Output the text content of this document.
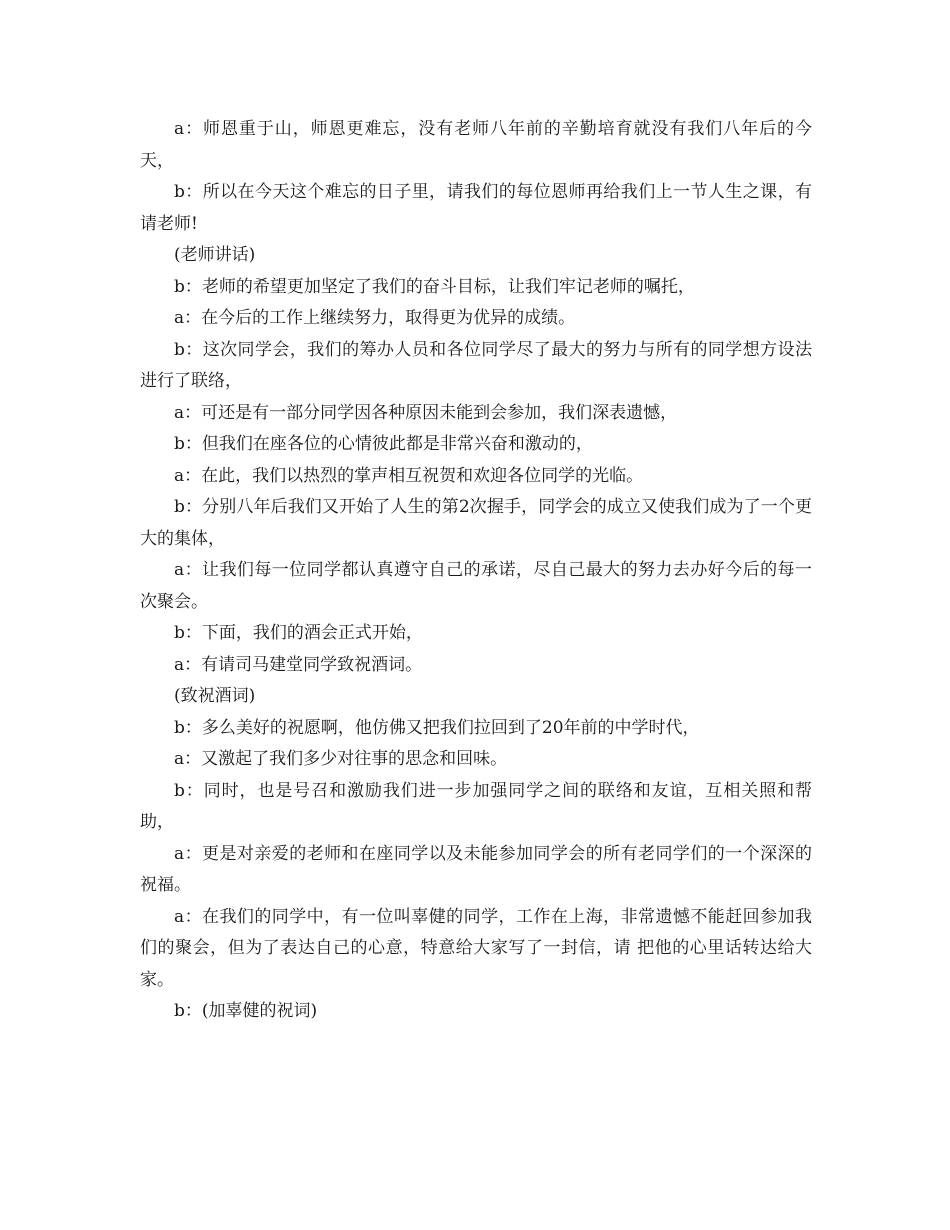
a：师恩重于山，师恩更难忘，没有老师八年前的辛勤培育就没有我们八年后的今天，

b：所以在今天这个难忘的日子里，请我们的每位恩师再给我们上一节人生之课，有请老师!

(老师讲话)

b：老师的希望更加坚定了我们的奋斗目标，让我们牢记老师的嘱托，

a：在今后的工作上继续努力，取得更为优异的成绩。

b：这次同学会，我们的筹办人员和各位同学尽了最大的努力与所有的同学想方设法进行了联络，

a：可还是有一部分同学因各种原因未能到会参加，我们深表遗憾，

b：但我们在座各位的心情彼此都是非常兴奋和激动的，

a：在此，我们以热烈的掌声相互祝贺和欢迎各位同学的光临。

b：分别八年后我们又开始了人生的第2次握手，同学会的成立又使我们成为了一个更大的集体，

a：让我们每一位同学都认真遵守自己的承诺，尽自己最大的努力去办好今后的每一次聚会。

b：下面，我们的酒会正式开始，

a：有请司马建堂同学致祝酒词。

(致祝酒词)

b：多么美好的祝愿啊，他仿佛又把我们拉回到了20年前的中学时代，

a：又激起了我们多少对往事的思念和回味。

b：同时，也是号召和激励我们进一步加强同学之间的联络和友谊，互相关照和帮助，

a：更是对亲爱的老师和在座同学以及未能参加同学会的所有老同学们的一个深深的祝福。

a：在我们的同学中，有一位叫辜健的同学，工作在上海，非常遗憾不能赶回参加我们的聚会，但为了表达自己的心意，特意给大家写了一封信，请 把他的心里话转达给大家。

b：(加辜健的祝词)
